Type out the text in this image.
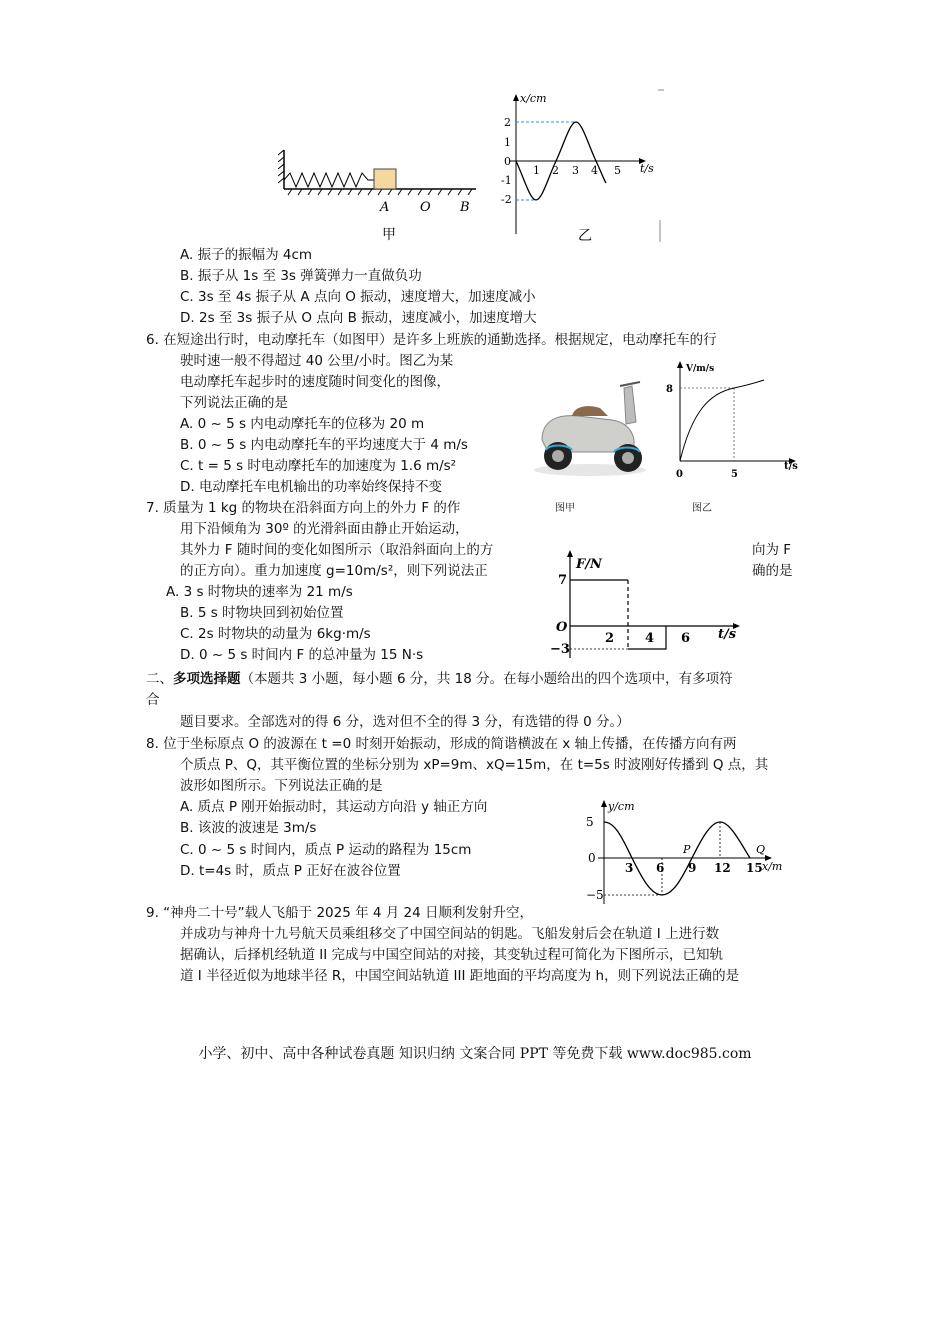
A O B
甲
x/cm
t/s
2
1
0
-1
-2
1 2 3 4 5
乙
A. 振子的振幅为 4cm
B. 振子从 1s 至 3s 弹簧弹力一直做负功
C. 3s 至 4s 振子从 A 点向 O 振动，速度增大，加速度减小
D. 2s 至 3s 振子从 O 点向 B 振动，速度减小，加速度增大
6. 在短途出行时，电动摩托车（如图甲）是许多上班族的通勤选择。根据规定，电动摩托车的行
驶时速一般不得超过 40 公里/小时。图乙为某
电动摩托车起步时的速度随时间变化的图像，
下列说法正确的是
A. 0 ~ 5 s 内电动摩托车的位移为 20 m
B. 0 ~ 5 s 内电动摩托车的平均速度大于 4 m/s
C. t = 5 s 时电动摩托车的加速度为 1.6 m/s²
D. 电动摩托车电机输出的功率始终保持不变
图甲
V/m/s
t/s
0	5
8
图乙
7. 质量为 1 kg 的物块在沿斜面方向上的外力 F 的作
用下沿倾角为 30º 的光滑斜面由静止开始运动，
其外力 F 随时间的变化如图所示（取沿斜面向上的方	向为 F
的正方向）。重力加速度 g=10m/s²，则下列说法正	确的是
A. 3 s 时物块的速率为 21 m/s
B. 5 s 时物块回到初始位置
C. 2s 时物块的动量为 6kg·m/s
D. 0 ~ 5 s 时间内 F 的总冲量为 15 N·s
F/N
t/s
O
7
−3
2 4 6
二、多项选择题（本题共 3 小题，每小题 6 分，共 18 分。在每小题给出的四个选项中，有多项符
合
题目要求。全部选对的得 6 分，选对但不全的得 3 分，有选错的得 0 分。）
8. 位于坐标原点 O 的波源在 t =0 时刻开始振动，形成的简谐横波在 x 轴上传播，在传播方向有两
个质点 P、Q，其平衡位置的坐标分别为 xP=9m、xQ=15m，在 t=5s 时波刚好传播到 Q 点，其
波形如图所示。下列说法正确的是
A. 质点 P 刚开始振动时，其运动方向沿 y 轴正方向
B. 该波的波速是 3m/s
C. 0 ~ 5 s 时间内，质点 P 运动的路程为 15cm
D. t=4s 时，质点 P 正好在波谷位置
y/cm
x/m
5
0
−5
3 6 9 12 15
P	Q
9. “神舟二十号”载人飞船于 2025 年 4 月 24 日顺利发射升空，
并成功与神舟十九号航天员乘组移交了中国空间站的钥匙。飞船发射后会在轨道 I 上进行数
据确认，后择机经轨道 II 完成与中国空间站的对接，其变轨过程可简化为下图所示，已知轨
道 I 半径近似为地球半径 R，中国空间站轨道 III 距地面的平均高度为 h，则下列说法正确的是
小学、初中、高中各种试卷真题 知识归纳 文案合同 PPT 等免费下载 www.doc985.com
